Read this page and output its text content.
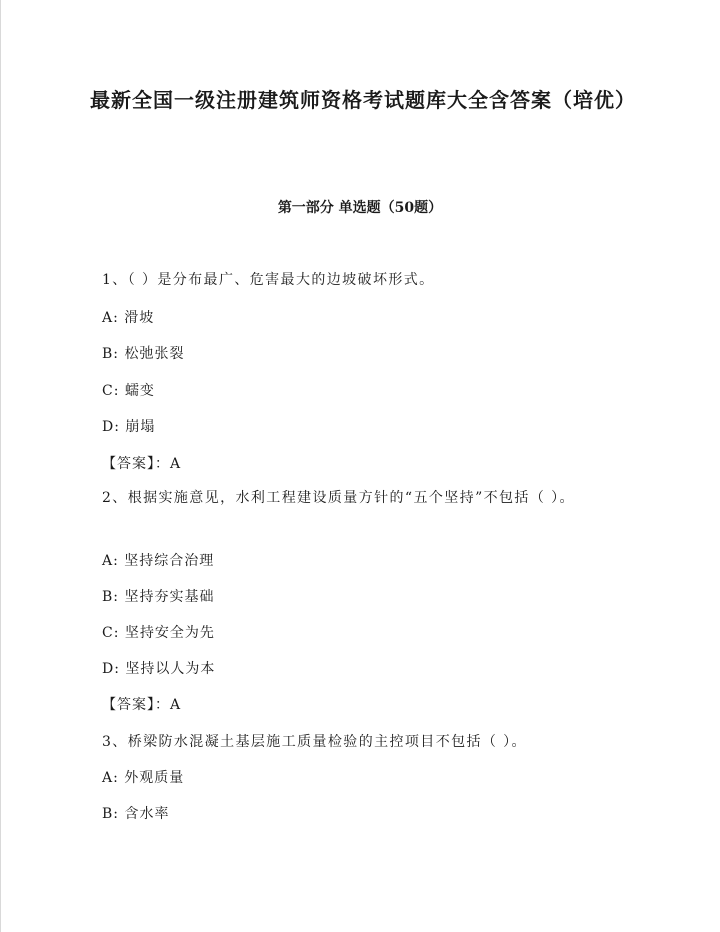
最新全国一级注册建筑师资格考试题库大全含答案（培优）
第一部分 单选题（50题）
1、（ ）是分布最广、危害最大的边坡破坏形式。
A: 滑坡
B: 松弛张裂
C: 蠕变
D: 崩塌
【答案】：A
2、根据实施意见，水利工程建设质量方针的“五个坚持”不包括（ ）。
A: 坚持综合治理
B: 坚持夯实基础
C: 坚持安全为先
D: 坚持以人为本
【答案】：A
3、桥梁防水混凝土基层施工质量检验的主控项目不包括（ ）。
A: 外观质量
B: 含水率
